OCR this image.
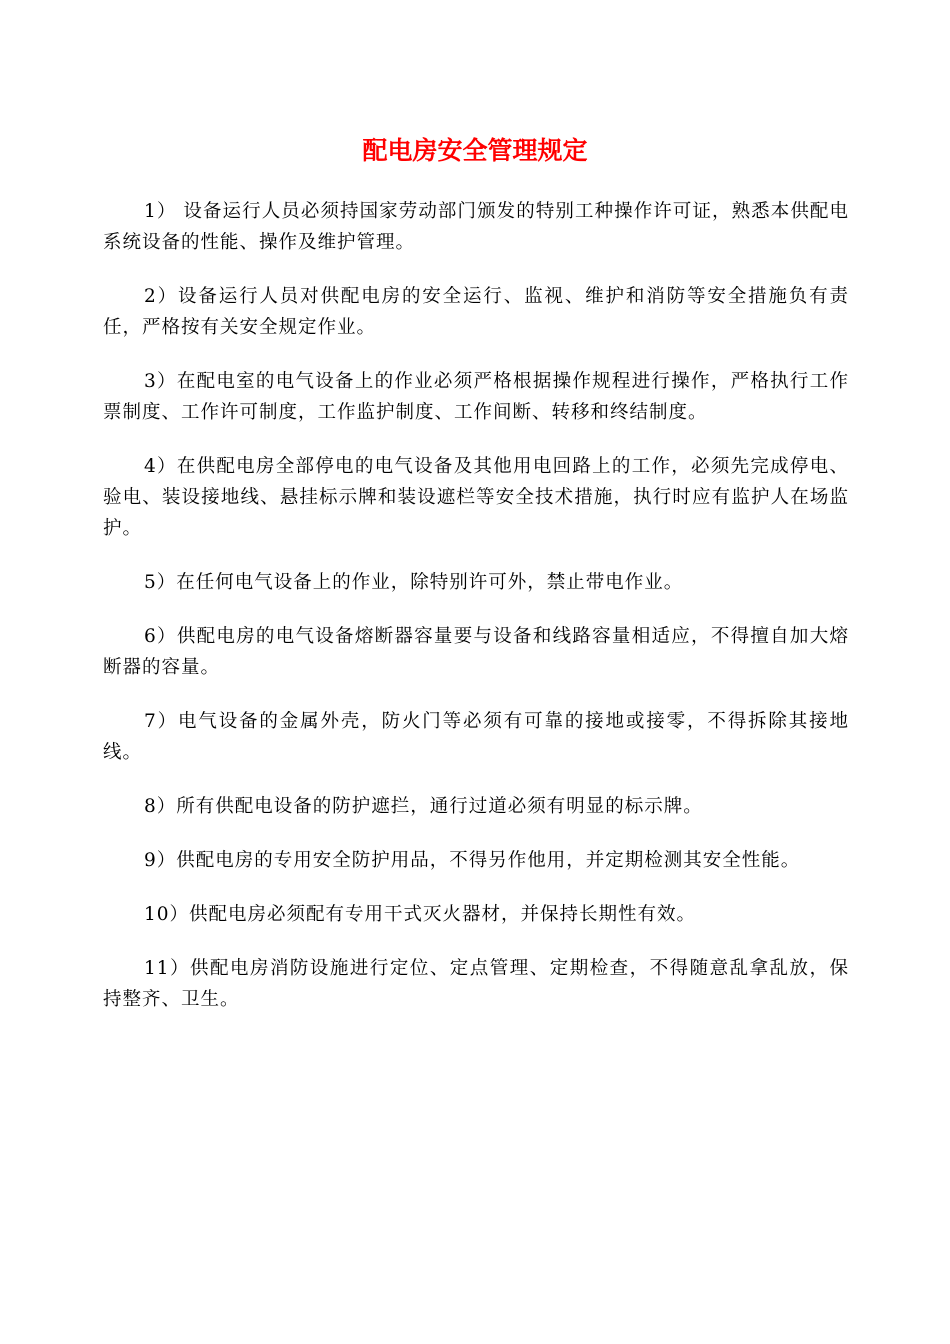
配电房安全管理规定
1） 设备运行人员必须持国家劳动部门颁发的特别工种操作许可证，熟悉本供配电系统设备的性能、操作及维护管理。
2）设备运行人员对供配电房的安全运行、监视、维护和消防等安全措施负有责任，严格按有关安全规定作业。
3）在配电室的电气设备上的作业必须严格根据操作规程进行操作，严格执行工作票制度、工作许可制度，工作监护制度、工作间断、转移和终结制度。
4）在供配电房全部停电的电气设备及其他用电回路上的工作，必须先完成停电、验电、装设接地线、悬挂标示牌和装设遮栏等安全技术措施，执行时应有监护人在场监护。
5）在任何电气设备上的作业，除特别许可外，禁止带电作业。
6）供配电房的电气设备熔断器容量要与设备和线路容量相适应，不得擅自加大熔断器的容量。
7）电气设备的金属外壳，防火门等必须有可靠的接地或接零，不得拆除其接地线。
8）所有供配电设备的防护遮拦，通行过道必须有明显的标示牌。
9）供配电房的专用安全防护用品，不得另作他用，并定期检测其安全性能。
10）供配电房必须配有专用干式灭火器材，并保持长期性有效。
11）供配电房消防设施进行定位、定点管理、定期检查，不得随意乱拿乱放，保持整齐、卫生。
